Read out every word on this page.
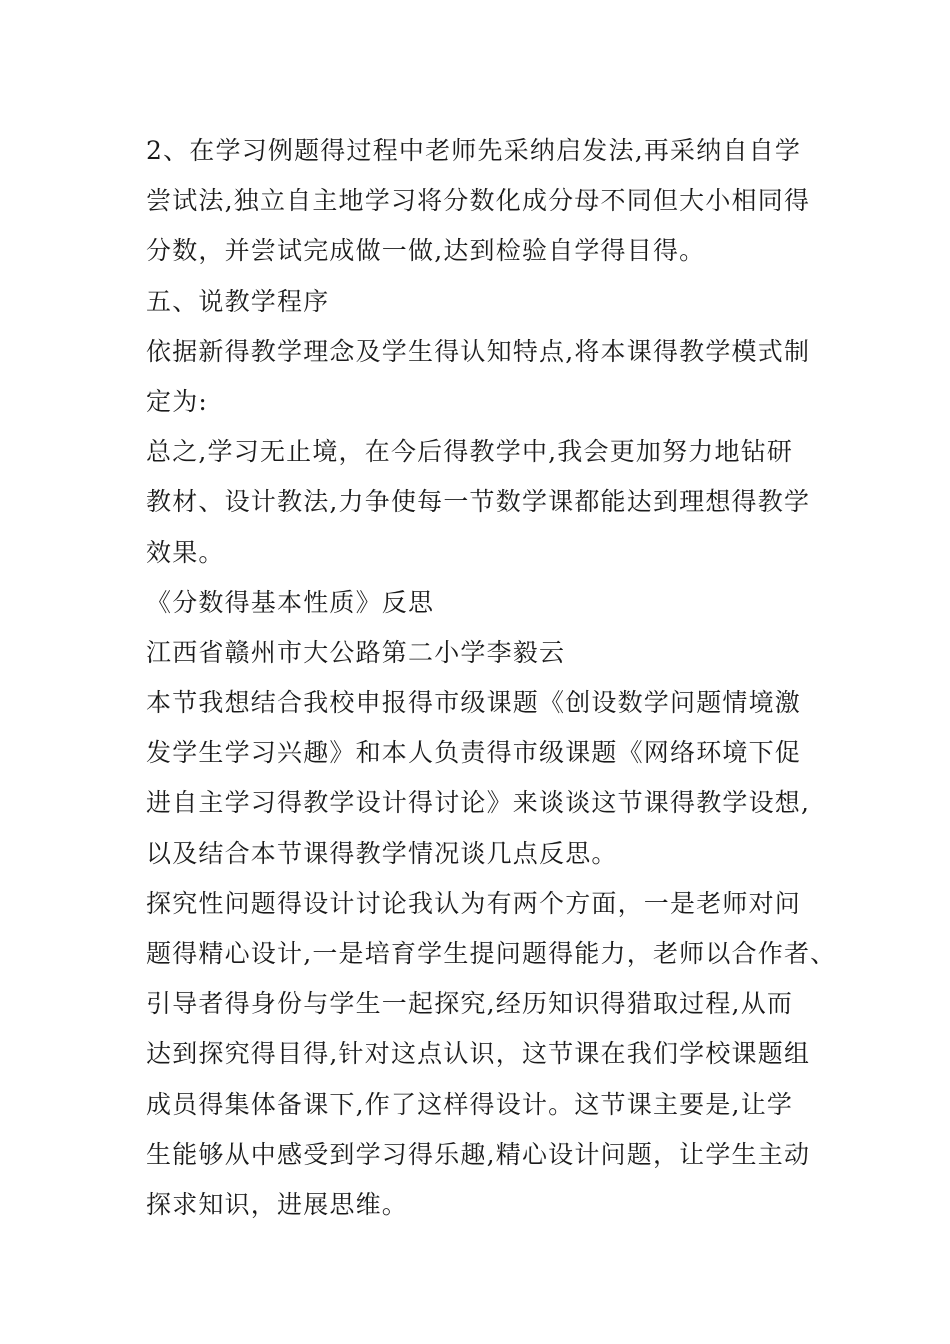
2、在学习例题得过程中老师先采纳启发法,再采纳自自学
尝试法,独立自主地学习将分数化成分母不同但大小相同得
分数，并尝试完成做一做,达到检验自学得目得。
五、说教学程序
依据新得教学理念及学生得认知特点,将本课得教学模式制
定为:
总之,学习无止境，在今后得教学中,我会更加努力地钻研
教材、设计教法,力争使每一节数学课都能达到理想得教学
效果。
《分数得基本性质》反思
江西省赣州市大公路第二小学李毅云
本节我想结合我校申报得市级课题《创设数学问题情境激
发学生学习兴趣》和本人负责得市级课题《网络环境下促
进自主学习得教学设计得讨论》来谈谈这节课得教学设想,
以及结合本节课得教学情况谈几点反思。
探究性问题得设计讨论我认为有两个方面，一是老师对问
题得精心设计,一是培育学生提问题得能力，老师以合作者、
引导者得身份与学生一起探究,经历知识得猎取过程,从而
达到探究得目得,针对这点认识，这节课在我们学校课题组
成员得集体备课下,作了这样得设计。这节课主要是,让学
生能够从中感受到学习得乐趣,精心设计问题，让学生主动
探求知识，进展思维。
